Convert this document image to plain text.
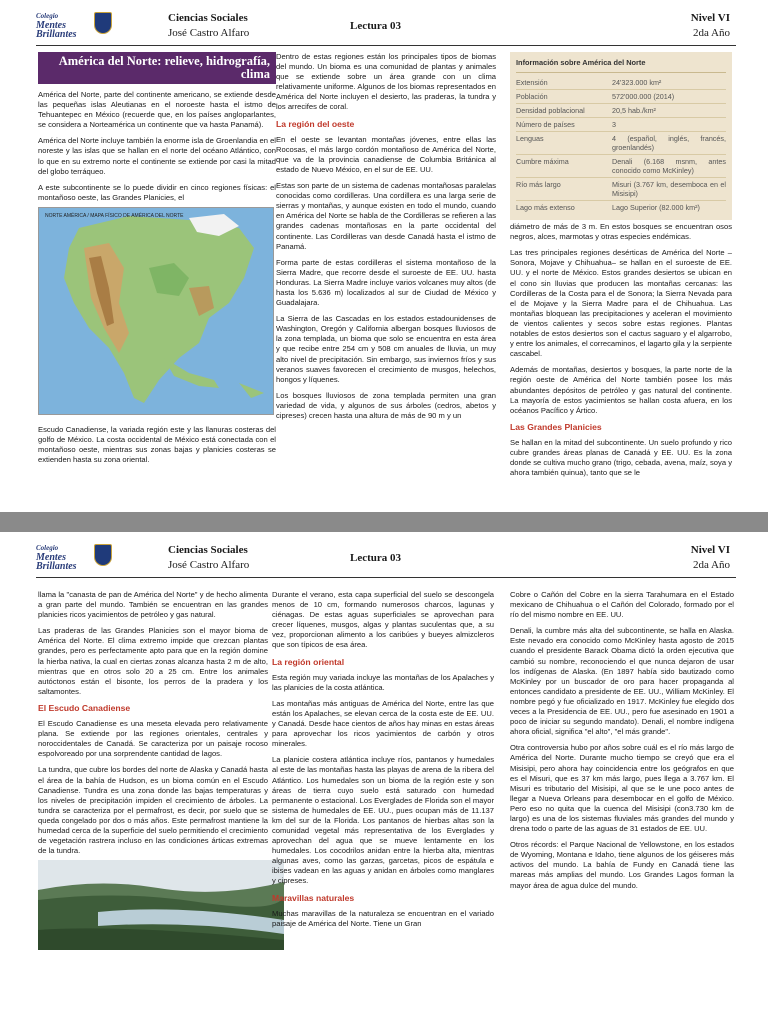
Colegio
Mentes
Brillantes
Ciencias Sociales
José Castro Alfaro
Lectura 03
Nivel VI
2da Año
América del Norte: relieve, hidrografía, clima

América del Norte, parte del continente americano, se extiende desde las pequeñas islas Aleutianas en el noroeste hasta el istmo de Tehuantepec en México (recuerde que, en los países angloparlantes, se considera a Norteamérica un continente que va hasta Panamá).

América del Norte incluye también la enorme isla de Groenlandia en el noreste y las islas que se hallan en el norte del océano Atlántico, con lo que en su extremo norte el continente se extiende por casi la mitad del globo terráqueo.

A este subcontinente se lo puede dividir en cinco regiones físicas: el montañoso oeste, las Grandes Planicies, el

NORTE AMÉRICA / MAPA FÍSICO DE AMÉRICA DEL NORTE

Escudo Canadiense, la variada región este y las llanuras costeras del golfo de México. La costa occidental de México está conectada con el montañoso oeste, mientras sus zonas bajas y planicies costeras se extienden hasta su zona oriental.

Dentro de estas regiones están los principales tipos de biomas del mundo. Un bioma es una comunidad de plantas y animales que se extiende sobre un área grande con un clima relativamente uniforme. Algunos de los biomas representados en América del Norte incluyen el desierto, las praderas, la tundra y los arrecifes de coral.

La región del oeste

En el oeste se levantan montañas jóvenes, entre ellas las Rocosas, el más largo cordón montañoso de América del Norte, que va de la provincia canadiense de Columbia Británica al estado de Nuevo México, en el sur de EE. UU.

Estas son parte de un sistema de cadenas montañosas paralelas conocidas como cordilleras. Una cordillera es una larga serie de sierras y montañas, y aunque existen en todo el mundo, cuando en América del Norte se habla de the Cordilleras se refieren a las grandes cadenas montañosas en la parte occidental del continente. Las Cordilleras van desde Canadá hasta el istmo de Panamá.

Forma parte de estas cordilleras el sistema montañoso de la Sierra Madre, que recorre desde el suroeste de EE. UU. hasta Honduras. La Sierra Madre incluye varios volcanes muy altos (de hasta los 5.636 m) localizados al sur de Ciudad de México y Guadalajara.

La Sierra de las Cascadas en los estados estadounidenses de Washington, Oregón y California albergan bosques lluviosos de la zona templada, un bioma que solo se encuentra en esta área y que recibe entre 254 cm y 508 cm anuales de lluvia, un muy alto nivel de precipitación. Sin embargo, sus inviernos fríos y sus veranos suaves favorecen el crecimiento de musgos, helechos, hongos y líquenes.

Los bosques lluviosos de zona templada permiten una gran variedad de vida, y algunos de sus árboles (cedros, abetos y cipreses) crecen hasta una altura de más de 90 m y un

Información sobre América del Norte
Extensión	24'323.000 km²
Población	572'000.000 (2014)
Densidad poblacional	20,5 hab./km²
Número de países	3
Lenguas	4 (español, inglés, francés, groenlandés)
Cumbre máxima	Denali (6.168 msnm, antes conocido como McKinley)
Río más largo	Misuri (3.767 km, desemboca en el Misisipi)
Lago más extenso	Lago Superior (82.000 km²)

diámetro de más de 3 m. En estos bosques se encuentran osos negros, alces, marmotas y otras especies endémicas.

Las tres principales regiones desérticas de América del Norte –Sonora, Mojave y Chihuahua– se hallan en el suroeste de EE. UU. y el norte de México. Estos grandes desiertos se ubican en el cono sin lluvias que producen las montañas cercanas: las Cordilleras de la Costa para el de Sonora; la Sierra Nevada para el de Mojave y la Sierra Madre para el de Chihuahua. Las montañas bloquean las precipitaciones y aceleran el movimiento de vientos calientes y secos sobre estas regiones. Plantas notables de estos desiertos son el cactus saguaro y el algarrobo, y entre los animales, el correcaminos, el lagarto gila y la serpiente cascabel.

Además de montañas, desiertos y bosques, la parte norte de la región oeste de América del Norte también posee los más abundantes depósitos de petróleo y gas natural del continente. La mayoría de estos yacimientos se hallan costa afuera, en los océanos Pacífico y Ártico.

Las Grandes Planicies

Se hallan en la mitad del subcontinente. Un suelo profundo y rico cubre grandes áreas planas de Canadá y EE. UU. Es la zona donde se cultiva mucho grano (trigo, cebada, avena, maíz, soya y ahora también quinua), tanto que se le

Colegio
Mentes
Brillantes
Ciencias Sociales
José Castro Alfaro
Lectura 03
Nivel VI
2da Año

llama la "canasta de pan de América del Norte" y de hecho alimenta a gran parte del mundo. También se encuentran en las grandes planicies ricos yacimientos de petróleo y gas natural.

Las praderas de las Grandes Planicies son el mayor bioma de América del Norte. El clima extremo impide que crezcan plantas grandes, pero es perfectamente apto para que en la región domine la hierba nativa, la cual en ciertas zonas alcanza hasta 2 m de alto, mientras que en otros solo 20 a 25 cm. Entre los animales autóctonos están el bisonte, los perros de la pradera y los saltamontes.

El Escudo Canadiense

El Escudo Canadiense es una meseta elevada pero relativamente plana. Se extiende por las regiones orientales, centrales y noroccidentales de Canadá. Se caracteriza por un paisaje rocoso espolvoreado por una sorprendente cantidad de lagos.

La tundra, que cubre los bordes del norte de Alaska y Canadá hasta el área de la bahía de Hudson, es un bioma común en el Escudo Canadiense. Tundra es una zona donde las bajas temperaturas y los niveles de precipitación impiden el crecimiento de árboles. La tundra se caracteriza por el permafrost, es decir, por suelo que se queda congelado por dos o más años. Este permafrost mantiene la humedad cerca de la superficie del suelo permitiendo el crecimiento de vegetación rastrera incluso en las condiciones árticas extremas de la tundra.

Durante el verano, esta capa superficial del suelo se descongela menos de 10 cm, formando numerosos charcos, lagunas y ciénagas. De estas aguas superficiales se aprovechan para crecer líquenes, musgos, algas y plantas suculentas que, a su vez, proporcionan alimento a los caribúes y bueyes almizcleros que son típicos de esa área.

La región oriental

Esta región muy variada incluye las montañas de los Apalaches y las planicies de la costa atlántica.

Las montañas más antiguas de América del Norte, entre las que están los Apalaches, se elevan cerca de la costa este de EE. UU. y Canadá. Desde hace cientos de años hay minas en estas áreas para aprovechar los ricos yacimientos de carbón y otros minerales.

La planicie costera atlántica incluye ríos, pantanos y humedales al este de las montañas hasta las playas de arena de la ribera del Atlántico. Los humedales son un bioma de la región este y son áreas de tierra cuyo suelo está saturado con humedad permanente o estacional. Los Everglades de Florida son el mayor sistema de humedales de EE. UU., pues ocupan más de 11.137 km del sur de la Florida. Los pantanos de hierbas altas son la comunidad vegetal más representativa de los Everglades y aprovechan del agua que se mueve lentamente en los humedales. Los cocodrilos anidan entre la hierba alta, mientras algunas aves, como las garzas, garcetas, picos de espátula e ibises vadean en las aguas y anidan en árboles como manglares y cipreses.

Maravillas naturales

Muchas maravillas de la naturaleza se encuentran en el variado paisaje de América del Norte. Tiene un Gran

Cobre o Cañón del Cobre en la sierra Tarahumara en el Estado mexicano de Chihuahua o el Cañón del Colorado, formado por el río del mismo nombre en EE. UU.

Denali, la cumbre más alta del subcontinente, se halla en Alaska. Este nevado era conocido como McKinley hasta agosto de 2015 cuando el presidente Barack Obama dictó la orden ejecutiva que cambió su nombre, reconociendo el que nunca dejaron de usar los indígenas de Alaska. (En 1897 había sido bautizado como McKinley por un buscador de oro para hacer propaganda al entonces candidato a presidente de EE. UU., William McKinley. El nombre pegó y fue oficializado en 1917. McKinley fue elegido dos veces a la Presidencia de EE. UU., pero fue asesinado en 1901 a poco de iniciar su segundo mandato). Denali, el nombre indígena ahora oficial, significa "el alto", "el más grande".

Otra controversia hubo por años sobre cuál es el río más largo de América del Norte. Durante mucho tiempo se creyó que era el Misisipi, pero ahora hay coincidencia entre los geógrafos en que es el Misuri, que es 37 km más largo, pues llega a 3.767 km. El Misuri es tributario del Misisipi, al que se le une poco antes de llegar a Nueva Orleans para desembocar en el golfo de México. Pero eso no quita que la cuenca del Misisipi (con3.730 km de largo) es una de los sistemas fluviales más grandes del mundo y drena todo o parte de las aguas de 31 estados de EE. UU.

Otros récords: el Parque Nacional de Yellowstone, en los estados de Wyoming, Montana e Idaho, tiene algunos de los géiseres más activos del mundo. La bahía de Fundy en Canadá tiene las mareas más amplias del mundo. Los Grandes Lagos forman la mayor área de agua dulce del mundo.
